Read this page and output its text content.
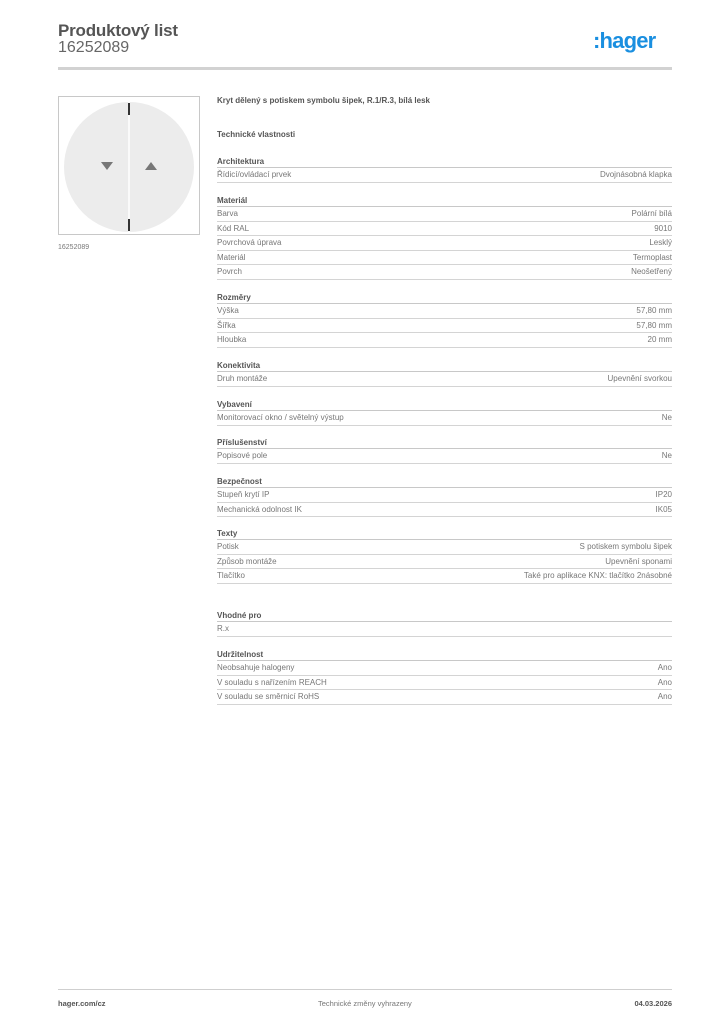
Produktový list
16252089	:hager
16252089
Kryt dělený s potiskem symbolu šipek, R.1/R.3, bílá lesk
Technické vlastnosti
Architektura
Řídicí/ovládací prvek	Dvojnásobná klapka
Materiál
Barva	Polární bílá
Kód RAL	9010
Povrchová úprava	Lesklý
Materiál	Termoplast
Povrch	Neošetřený
Rozměry
Výška	57,80 mm
Šířka	57,80 mm
Hloubka	20 mm
Konektivita
Druh montáže	Upevnění svorkou
Vybavení
Monitorovací okno / světelný výstup	Ne
Příslušenství
Popisové pole	Ne
Bezpečnost
Stupeň krytí IP	IP20
Mechanická odolnost IK	IK05
Texty
Potisk	S potiskem symbolu šipek
Způsob montáže	Upevnění sponami
Tlačítko	Také pro aplikace KNX: tlačítko 2násobné
Vhodné pro
R.x
Udržitelnost
Neobsahuje halogeny	Ano
V souladu s nařízením REACH	Ano
V souladu se směrnicí RoHS	Ano
hager.com/cz	Technické změny vyhrazeny	04.03.2026
